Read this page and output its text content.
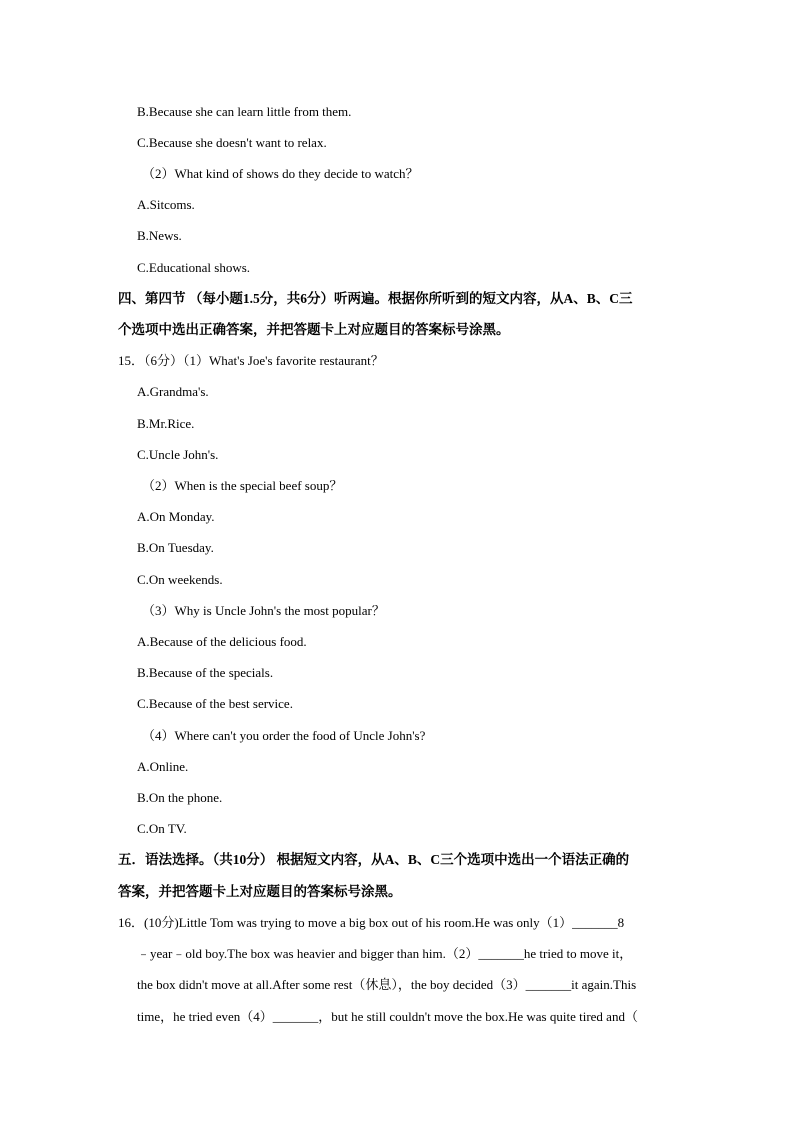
B.Because she can learn little from them.
C.Because she doesn't want to relax.
（2）What kind of shows do they decide to watch？
A.Sitcoms.
B.News.
C.Educational shows.
四、第四节 （每小题1.5分，共6分）听两遍。根据你所听到的短文内容，从A、B、C三
个选项中选出正确答案，并把答题卡上对应题目的答案标号涂黑。
15．（6分）（1）What's Joe's favorite restaurant？
A.Grandma's.
B.Mr.Rice.
C.Uncle John's.
（2）When is the special beef soup？
A.On Monday.
B.On Tuesday.
C.On weekends.
（3）Why is Uncle John's the most popular？
A.Because of the delicious food.
B.Because of the specials.
C.Because of the best service.
（4）Where can't you order the food of Uncle John's?
A.Online.
B.On the phone.
C.On TV.
五．语法选择。（共10分） 根据短文内容，从A、B、C三个选项中选出一个语法正确的
答案，并把答题卡上对应题目的答案标号涂黑。
16．(10分)Little Tom was trying to move a big box out of his room.He was only（1）_______8
﹣year﹣old boy.The box was heavier and bigger than him.（2）_______he tried to move it，
the box didn't move at all.After some rest（休息），the boy decided（3）_______it again.This
time，he tried even（4）_______，but he still couldn't move the box.He was quite tired and（
